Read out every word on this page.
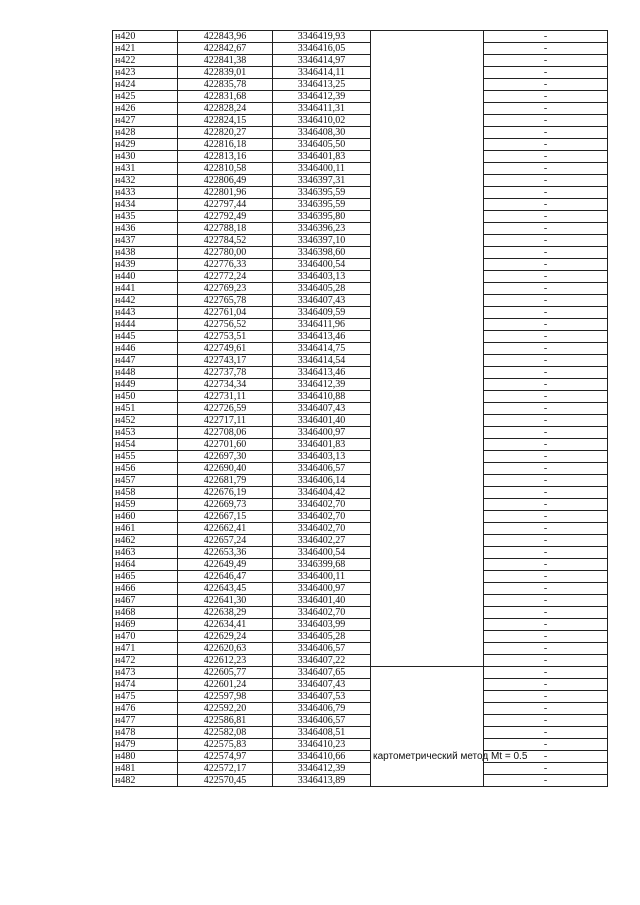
н420	422843,96	3346419,93		-
н421	422842,67	3346416,05		-
н422	422841,38	3346414,97		-
н423	422839,01	3346414,11		-
н424	422835,78	3346413,25		-
н425	422831,68	3346412,39		-
н426	422828,24	3346411,31		-
н427	422824,15	3346410,02		-
н428	422820,27	3346408,30		-
н429	422816,18	3346405,50		-
н430	422813,16	3346401,83		-
н431	422810,58	3346400,11		-
н432	422806,49	3346397,31		-
н433	422801,96	3346395,59		-
н434	422797,44	3346395,59		-
н435	422792,49	3346395,80		-
н436	422788,18	3346396,23		-
н437	422784,52	3346397,10		-
н438	422780,00	3346398,60		-
н439	422776,33	3346400,54		-
н440	422772,24	3346403,13		-
н441	422769,23	3346405,28		-
н442	422765,78	3346407,43		-
н443	422761,04	3346409,59		-
н444	422756,52	3346411,96		-
н445	422753,51	3346413,46		-
н446	422749,61	3346414,75		-
н447	422743,17	3346414,54		-
н448	422737,78	3346413,46		-
н449	422734,34	3346412,39		-
н450	422731,11	3346410,88		-
н451	422726,59	3346407,43		-
н452	422717,11	3346401,40		-
н453	422708,06	3346400,97		-
н454	422701,60	3346401,83		-
н455	422697,30	3346403,13		-
н456	422690,40	3346406,57		-
н457	422681,79	3346406,14		-
н458	422676,19	3346404,42		-
н459	422669,73	3346402,70		-
н460	422667,15	3346402,70		-
н461	422662,41	3346402,70		-
н462	422657,24	3346402,27		-
н463	422653,36	3346400,54		-
н464	422649,49	3346399,68		-
н465	422646,47	3346400,11		-
н466	422643,45	3346400,97		-
н467	422641,30	3346401,40		-
н468	422638,29	3346402,70		-
н469	422634,41	3346403,99		-
н470	422629,24	3346405,28		-
н471	422620,63	3346406,57		-
н472	422612,23	3346407,22		-
н473	422605,77	3346407,65	картометрический метод Mt = 0.5	-
н474	422601,24	3346407,43		-
н475	422597,98	3346407,53		-
н476	422592,20	3346406,79		-
н477	422586,81	3346406,57		-
н478	422582,08	3346408,51		-
н479	422575,83	3346410,23		-
н480	422574,97	3346410,66		-
н481	422572,17	3346412,39		-
н482	422570,45	3346413,89		-
